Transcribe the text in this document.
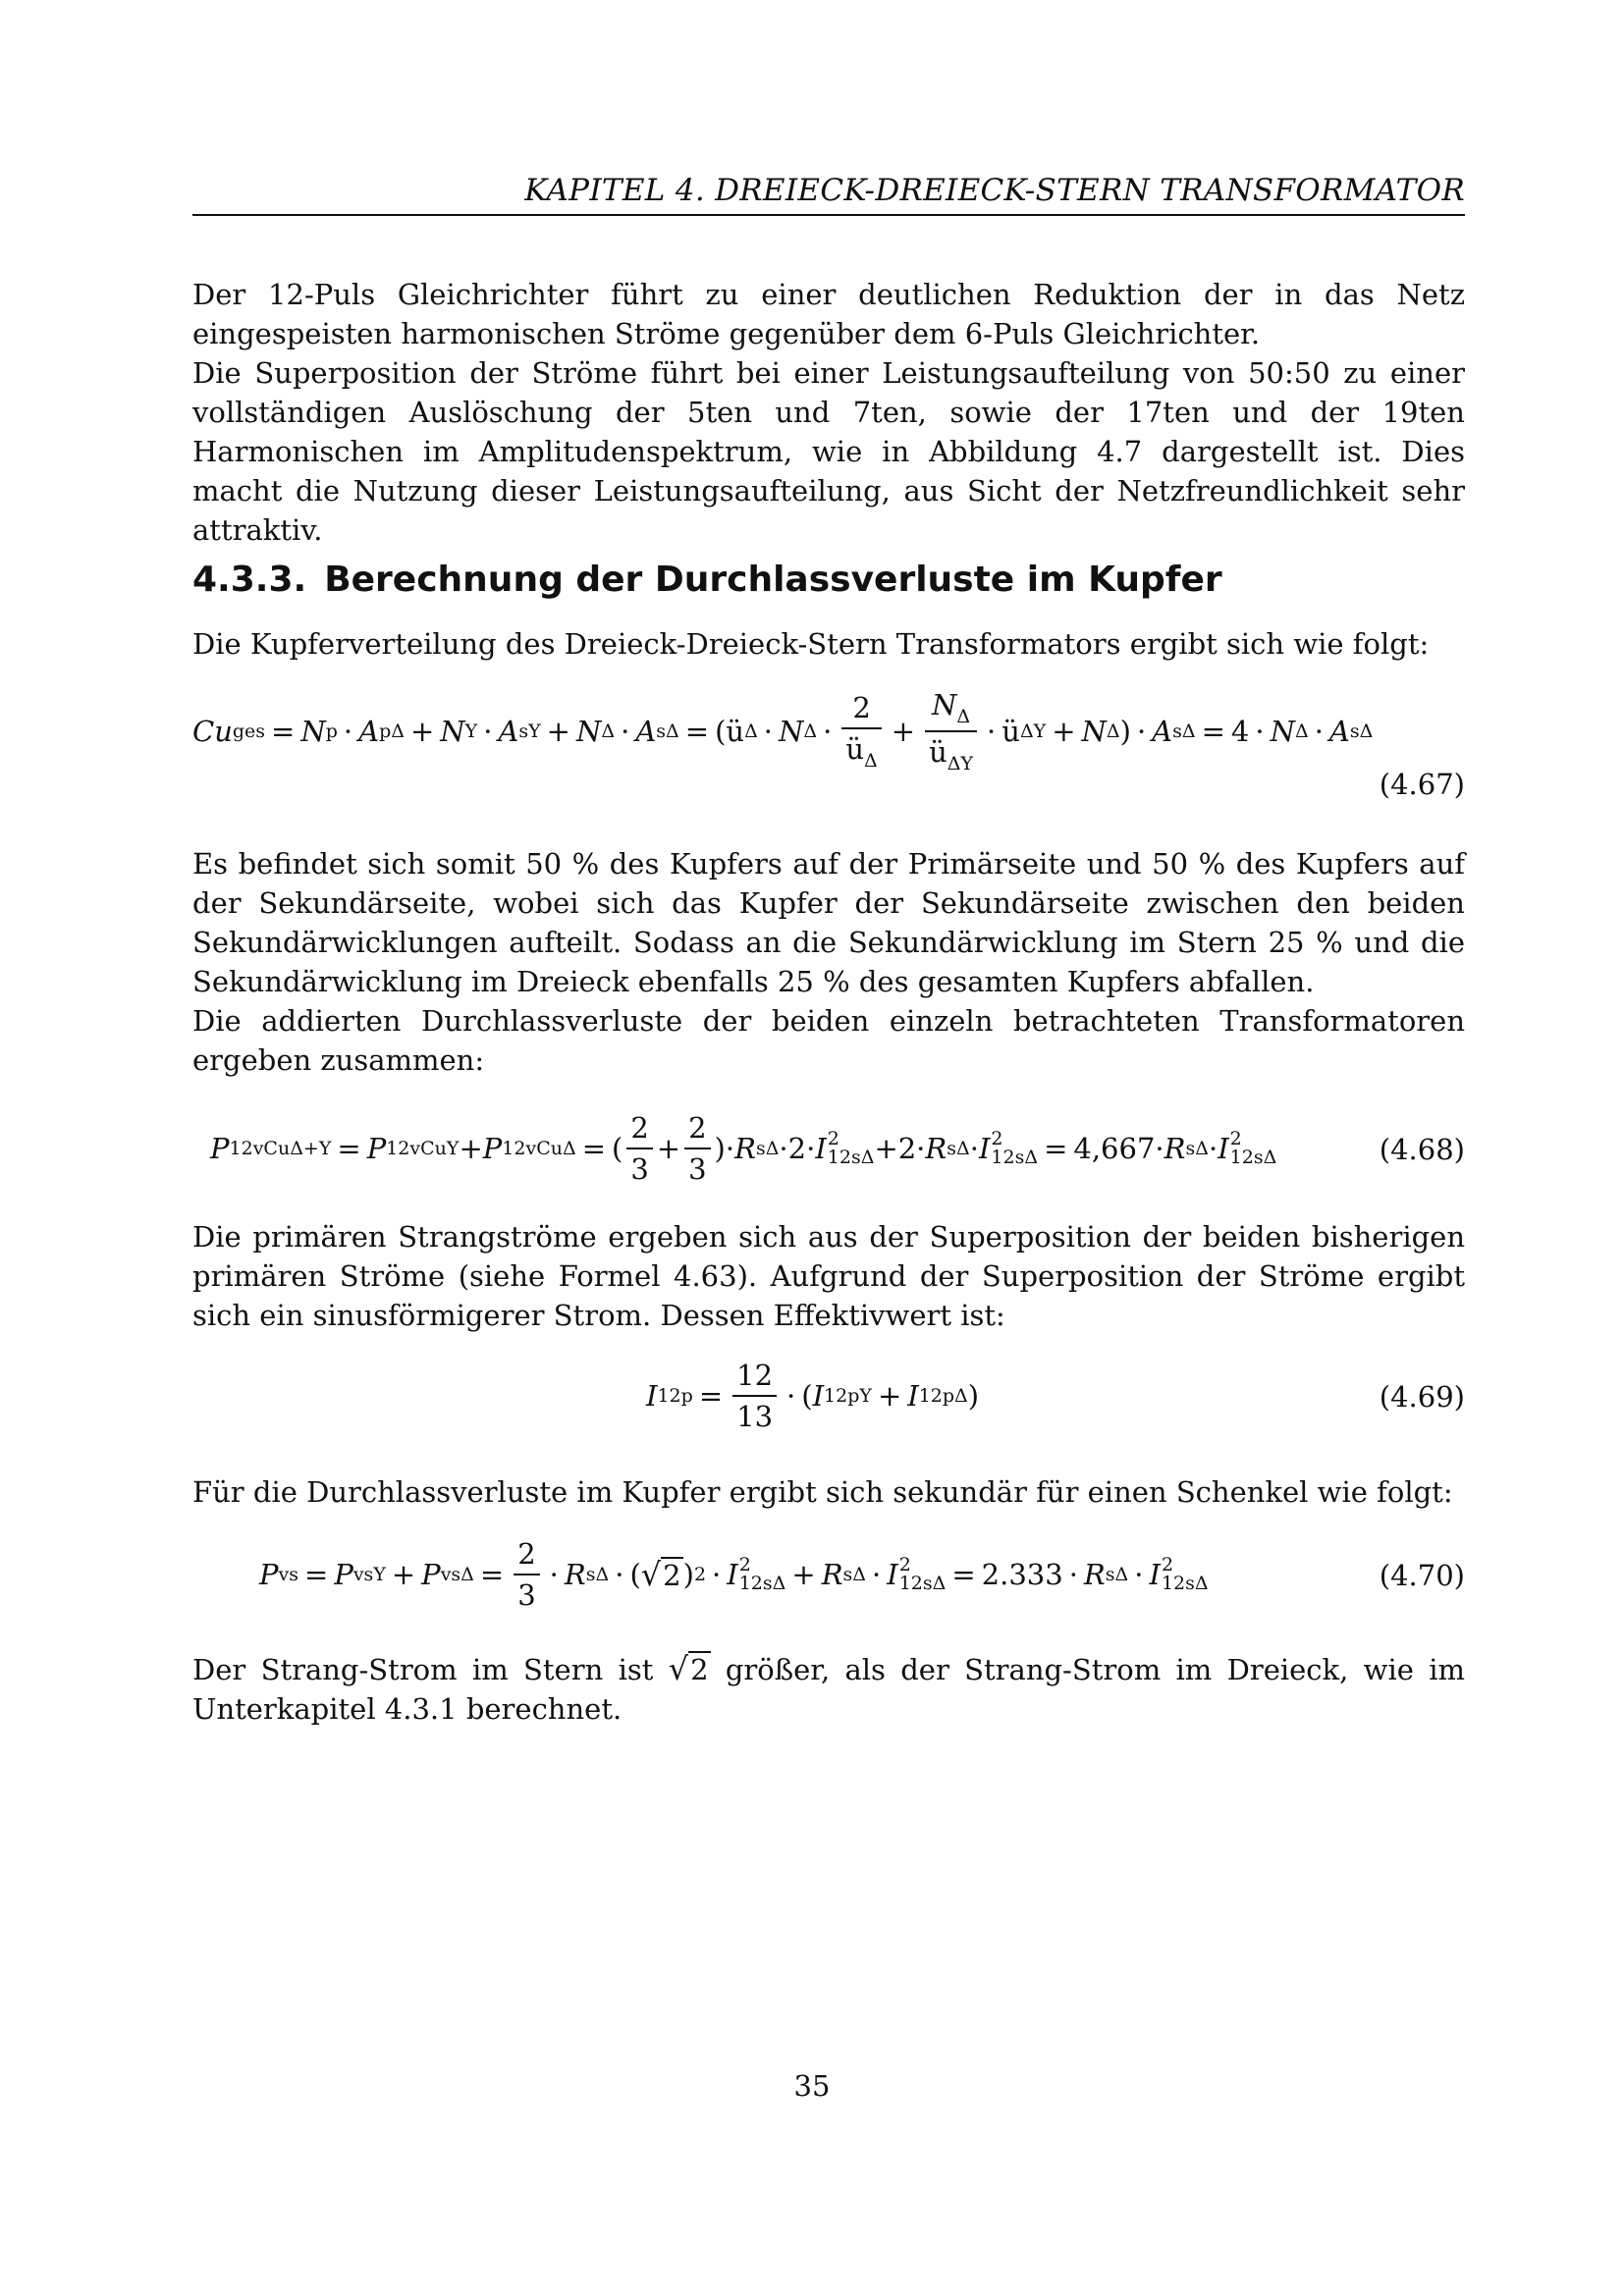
KAPITEL 4. DREIECK-DREIECK-STERN TRANSFORMATOR

Der 12-Puls Gleichrichter führt zu einer deutlichen Reduktion der in das Netz eingespeisten harmonischen Ströme gegenüber dem 6-Puls Gleichrichter.

Die Superposition der Ströme führt bei einer Leistungsaufteilung von 50:50 zu einer vollständigen Auslöschung der 5ten und 7ten, sowie der 17ten und der 19ten Harmonischen im Amplitudenspektrum, wie in Abbildung 4.7 dargestellt ist. Dies macht die Nutzung dieser Leistungsaufteilung, aus Sicht der Netzfreundlichkeit sehr attraktiv.

4.3.3. Berechnung der Durchlassverluste im Kupfer

Die Kupferverteilung des Dreieck-Dreieck-Stern Transformators ergibt sich wie folgt:

Cu ges = N p · A pΔ + N Y · A sY + N Δ · A sΔ = (ü Δ · N $\Delta \cdot \frac{2}{ü_\Delta} + \frac{N_\Delta}{ü_{\Delta Y}}$ · ü ΔY + N Δ ) · A sΔ = 4 · N Δ · A sΔ
(4.67)

Es befindet sich somit 50 % des Kupfers auf der Primärseite und 50 % des Kupfers auf der Sekundärseite, wobei sich das Kupfer der Sekundärseite zwischen den beiden Sekundärwicklungen aufteilt. Sodass an die Sekundärwicklung im Stern 25 % und die Sekundärwicklung im Dreieck ebenfalls 25 % des gesamten Kupfers abfallen.

Die addierten Durchlassverluste der beiden einzeln betrachteten Transformatoren ergeben zusammen:

P 12vCuΔ+Y = P 12vCuY + P 12vCuΔ = ( $\frac{2}{3} + \frac{2}{3}$ )· R sΔ ·2· I 2
12sΔ +2· R sΔ · I 2
12sΔ = 4,667· R sΔ · I 2
12sΔ	(4.68)

Die primären Strangströme ergeben sich aus der Superposition der beiden bisherigen primären Ströme (siehe Formel 4.63). Aufgrund der Superposition der Ströme ergibt sich ein sinusförmigerer Strom. Dessen Effektivwert ist:

I $12p = \frac{12}{13}$ · ( I 12pY + I 12pΔ )	(4.69)

Für die Durchlassverluste im Kupfer ergibt sich sekundär für einen Schenkel wie folgt:

P vs = P vsY + P $vs\Delta = \frac{2}{3} \cdot R$ sΔ · ( √ 2 ) 2 · I 2
12sΔ + R sΔ · I 2
12sΔ = 2.333 · R sΔ · I 2
12sΔ	(4.70)

Der Strang-Strom im Stern ist √2 größer, als der Strang-Strom im Dreieck, wie im Unterkapitel 4.3.1 berechnet.

35
